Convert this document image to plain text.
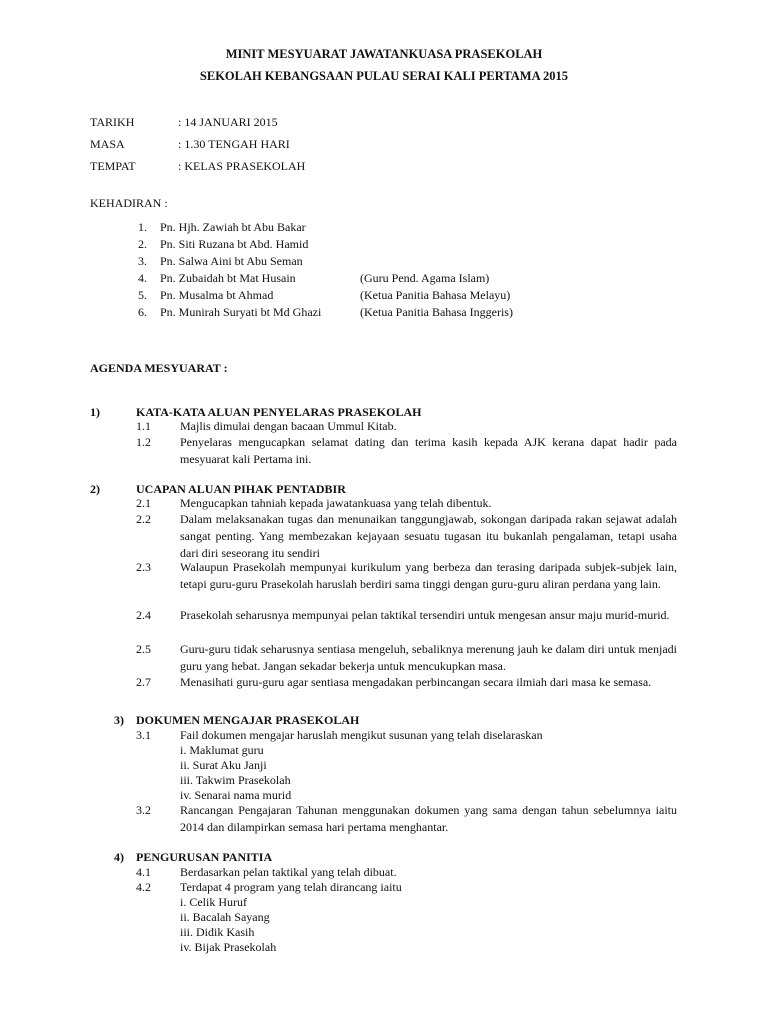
MINIT MESYUARAT JAWATANKUASA PRASEKOLAH
SEKOLAH KEBANGSAAN PULAU SERAI KALI PERTAMA 2015
TARIKH	: 14 JANUARI 2015
MASA	: 1.30 TENGAH HARI
TEMPAT	: KELAS PRASEKOLAH
KEHADIRAN :
1. Pn. Hjh. Zawiah bt Abu Bakar
2. Pn. Siti Ruzana bt Abd. Hamid
3. Pn. Salwa Aini bt Abu Seman
4. Pn. Zubaidah bt Mat Husain	(Guru Pend. Agama Islam)
5. Pn. Musalma bt Ahmad	(Ketua Panitia Bahasa Melayu)
6. Pn. Munirah Suryati bt Md Ghazi	(Ketua Panitia Bahasa Inggeris)
AGENDA MESYUARAT :
1)	KATA-KATA ALUAN PENYELARAS PRASEKOLAH
1.1 Majlis dimulai dengan bacaan Ummul Kitab.
1.2 Penyelaras mengucapkan selamat dating dan terima kasih kepada AJK kerana dapat hadir pada mesyuarat kali Pertama ini.
2)	UCAPAN ALUAN PIHAK PENTADBIR
2.1 Mengucapkan tahniah kepada jawatankuasa yang telah dibentuk.
2.2 Dalam melaksanakan tugas dan menunaikan tanggungjawab, sokongan daripada rakan sejawat adalah sangat penting. Yang membezakan kejayaan sesuatu tugasan itu bukanlah pengalaman, tetapi usaha dari diri seseorang itu sendiri
2.3 Walaupun Prasekolah mempunyai kurikulum yang berbeza dan terasing daripada subjek-subjek lain, tetapi guru-guru Prasekolah haruslah berdiri sama tinggi dengan guru-guru aliran perdana yang lain.
2.4 Prasekolah seharusnya mempunyai pelan taktikal tersendiri untuk mengesan ansur maju murid-murid.
2.5 Guru-guru tidak seharusnya sentiasa mengeluh, sebaliknya merenung jauh ke dalam diri untuk menjadi guru yang hebat. Jangan sekadar bekerja untuk mencukupkan masa.
2.7 Menasihati guru-guru agar sentiasa mengadakan perbincangan secara ilmiah dari masa ke semasa.
3) DOKUMEN MENGAJAR PRASEKOLAH
3.1 Fail dokumen mengajar haruslah mengikut susunan yang telah diselaraskan
i. Maklumat guru
ii. Surat Aku Janji
iii. Takwim Prasekolah
iv. Senarai nama murid
3.2 Rancangan Pengajaran Tahunan menggunakan dokumen yang sama dengan tahun sebelumnya iaitu 2014 dan dilampirkan semasa hari pertama menghantar.
4) PENGURUSAN PANITIA
4.1 Berdasarkan pelan taktikal yang telah dibuat.
4.2 Terdapat 4 program yang telah dirancang iaitu
i. Celik Huruf
ii. Bacalah Sayang
iii. Didik Kasih
iv. Bijak Prasekolah
